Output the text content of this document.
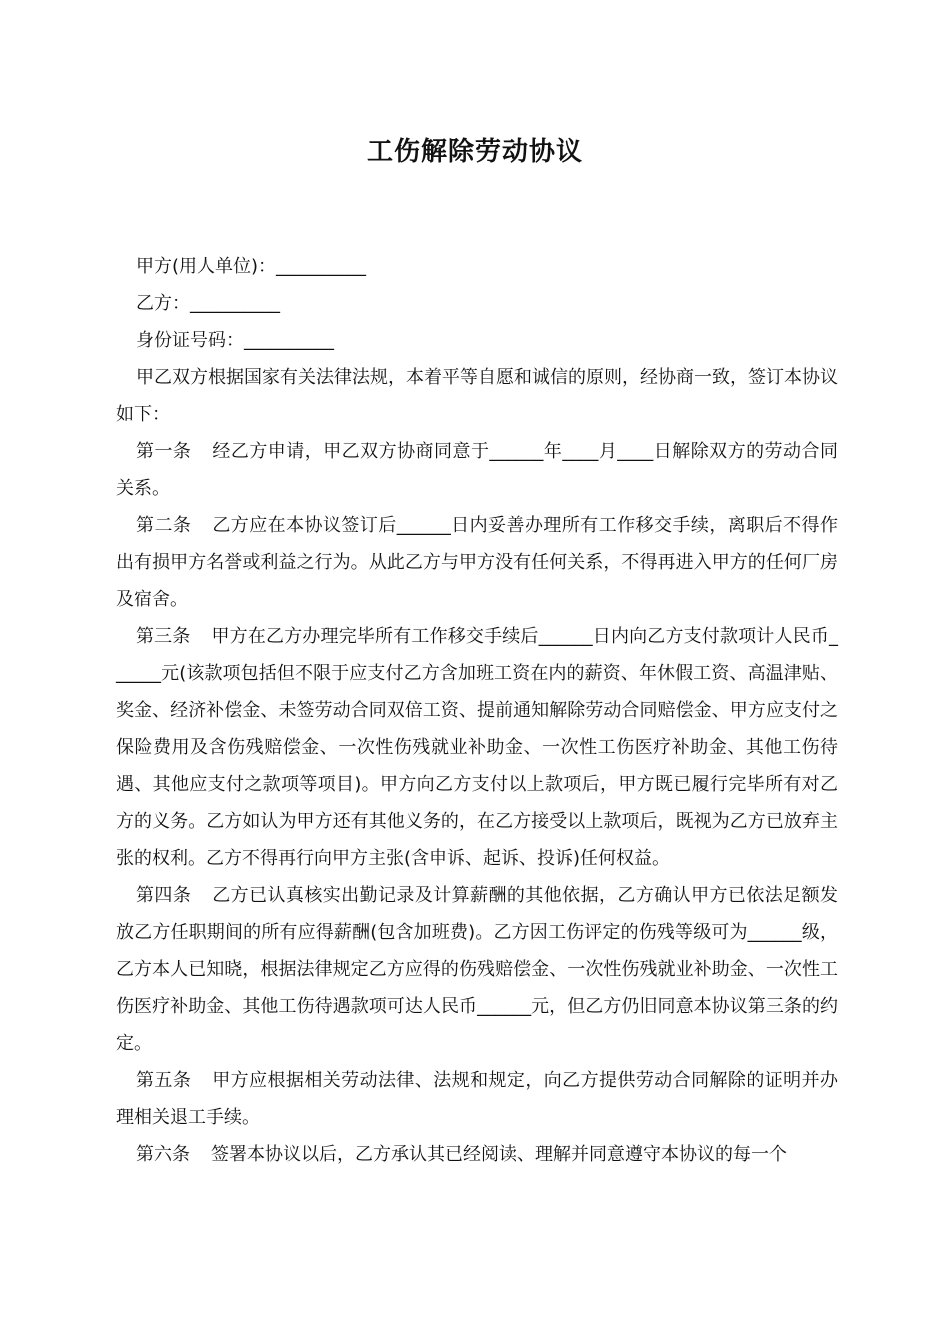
工伤解除劳动协议

甲方(用人单位)：__________

乙方：__________

身份证号码：__________

甲乙双方根据国家有关法律法规，本着平等自愿和诚信的原则，经协商一致，签订本协议如下：

第一条 经乙方申请，甲乙双方协商同意于______年____月____日解除双方的劳动合同关系。

第二条 乙方应在本协议签订后______日内妥善办理所有工作移交手续，离职后不得作出有损甲方名誉或利益之行为。从此乙方与甲方没有任何关系，不得再进入甲方的任何厂房及宿舍。

第三条 甲方在乙方办理完毕所有工作移交手续后______日内向乙方支付款项计人民币______元(该款项包括但不限于应支付乙方含加班工资在内的薪资、年休假工资、高温津贴、奖金、经济补偿金、未签劳动合同双倍工资、提前通知解除劳动合同赔偿金、甲方应支付之保险费用及含伤残赔偿金、一次性伤残就业补助金、一次性工伤医疗补助金、其他工伤待遇、其他应支付之款项等项目)。甲方向乙方支付以上款项后，甲方既已履行完毕所有对乙方的义务。乙方如认为甲方还有其他义务的，在乙方接受以上款项后，既视为乙方已放弃主张的权利。乙方不得再行向甲方主张(含申诉、起诉、投诉)任何权益。

第四条 乙方已认真核实出勤记录及计算薪酬的其他依据，乙方确认甲方已依法足额发放乙方任职期间的所有应得薪酬(包含加班费)。乙方因工伤评定的伤残等级可为______级，乙方本人已知晓，根据法律规定乙方应得的伤残赔偿金、一次性伤残就业补助金、一次性工伤医疗补助金、其他工伤待遇款项可达人民币______元，但乙方仍旧同意本协议第三条的约定。

第五条 甲方应根据相关劳动法律、法规和规定，向乙方提供劳动合同解除的证明并办理相关退工手续。

第六条 签署本协议以后，乙方承认其已经阅读、理解并同意遵守本协议的每一个
